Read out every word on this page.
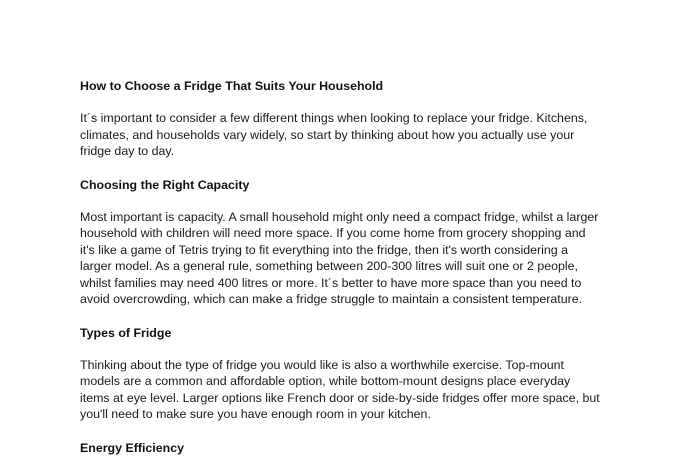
How to Choose a Fridge That Suits Your Household

It´s important to consider a few different things when looking to replace your fridge. Kitchens, climates, and households vary widely, so start by thinking about how you actually use your fridge day to day.

Choosing the Right Capacity

Most important is capacity. A small household might only need a compact fridge, whilst a larger household with children will need more space. If you come home from grocery shopping and it's like a game of Tetris trying to fit everything into the fridge, then it's worth considering a larger model. As a general rule, something between 200-300 litres will suit one or 2 people, whilst families may need 400 litres or more. It´s better to have more space than you need to avoid overcrowding, which can make a fridge struggle to maintain a consistent temperature.

Types of Fridge

Thinking about the type of fridge you would like is also a worthwhile exercise. Top-mount models are a common and affordable option, while bottom-mount designs place everyday items at eye level. Larger options like French door or side-by-side fridges offer more space, but you'll need to make sure you have enough room in your kitchen.

Energy Efficiency
